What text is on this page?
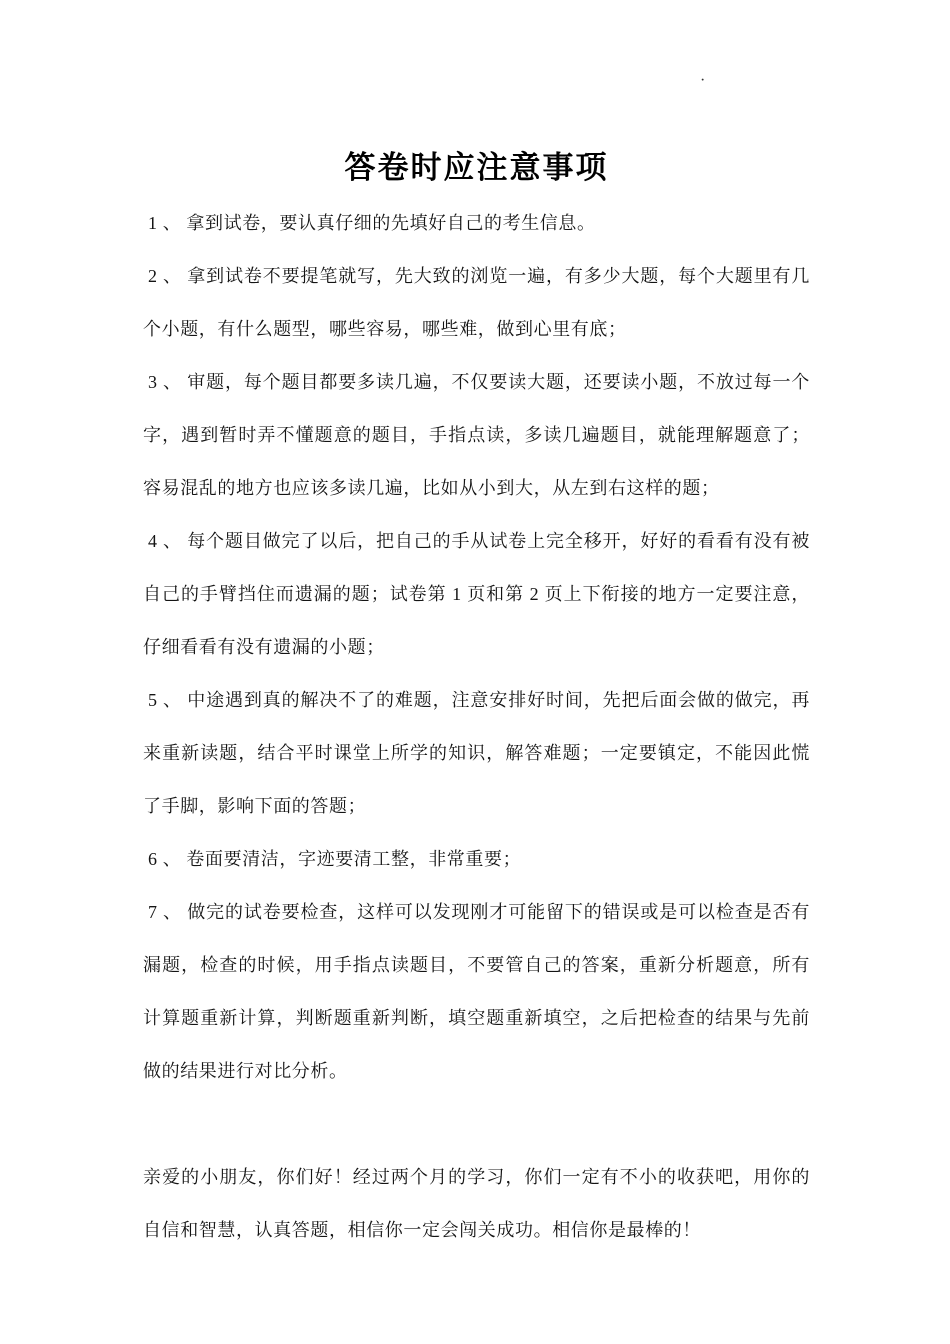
·
答卷时应注意事项

1 、 拿到试卷，要认真仔细的先填好自己的考生信息。

2 、 拿到试卷不要提笔就写，先大致的浏览一遍，有多少大题，每个大题里有几个小题，有什么题型，哪些容易，哪些难，做到心里有底；

3 、 审题，每个题目都要多读几遍，不仅要读大题，还要读小题，不放过每一个字，遇到暂时弄不懂题意的题目，手指点读，多读几遍题目，就能理解题意了；容易混乱的地方也应该多读几遍，比如从小到大，从左到右这样的题；

4 、 每个题目做完了以后，把自己的手从试卷上完全移开，好好的看看有没有被自己的手臂挡住而遗漏的题；试卷第 1 页和第 2 页上下衔接的地方一定要注意，仔细看看有没有遗漏的小题；

5 、 中途遇到真的解决不了的难题，注意安排好时间，先把后面会做的做完，再来重新读题，结合平时课堂上所学的知识，解答难题；一定要镇定，不能因此慌了手脚，影响下面的答题；

6 、 卷面要清洁，字迹要清工整，非常重要；

7 、 做完的试卷要检查，这样可以发现刚才可能留下的错误或是可以检查是否有漏题，检查的时候，用手指点读题目，不要管自己的答案，重新分析题意，所有计算题重新计算，判断题重新判断，填空题重新填空，之后把检查的结果与先前做的结果进行对比分析。

亲爱的小朋友，你们好！经过两个月的学习，你们一定有不小的收获吧，用你的自信和智慧，认真答题，相信你一定会闯关成功。相信你是最棒的！
